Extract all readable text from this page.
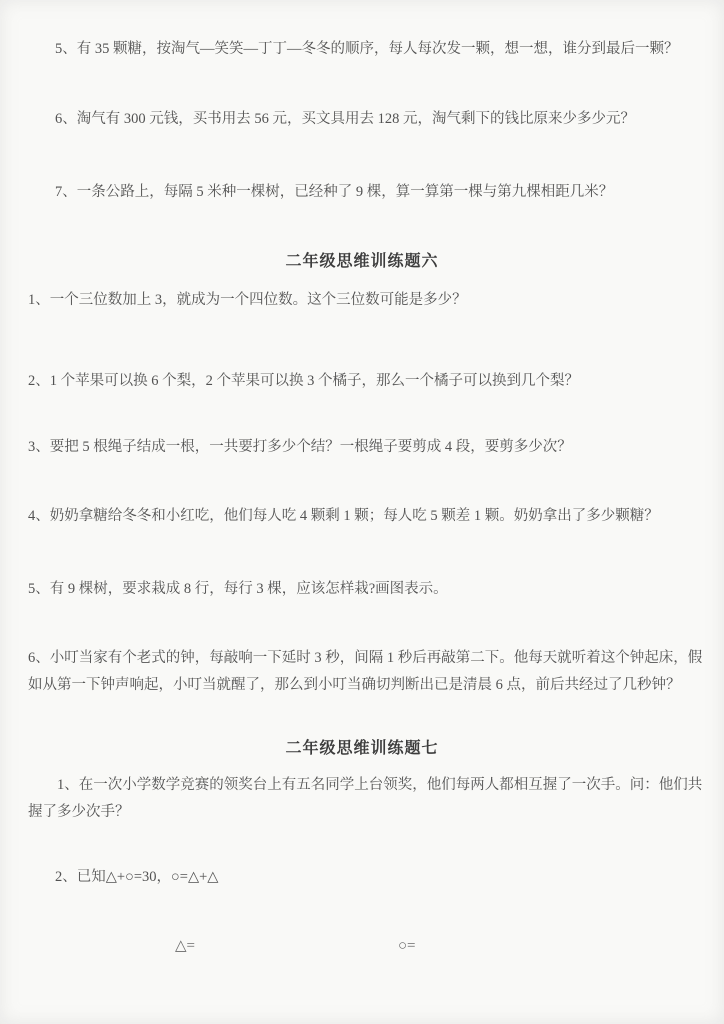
5、有 35 颗糖，按淘气—笑笑—丁丁—冬冬的顺序，每人每次发一颗，想一想，谁分到最后一颗？
6、淘气有 300 元钱，买书用去 56 元，买文具用去 128 元，淘气剩下的钱比原来少多少元？
7、一条公路上，每隔 5 米种一棵树，已经种了 9 棵，算一算第一棵与第九棵相距几米？
二年级思维训练题六
1、一个三位数加上 3，就成为一个四位数。这个三位数可能是多少？
2、1 个苹果可以换 6 个梨，2 个苹果可以换 3 个橘子，那么一个橘子可以换到几个梨？
3、要把 5 根绳子结成一根，一共要打多少个结？一根绳子要剪成 4 段，要剪多少次？
4、奶奶拿糖给冬冬和小红吃，他们每人吃 4 颗剩 1 颗；每人吃 5 颗差 1 颗。奶奶拿出了多少颗糖？
5、有 9 棵树，要求栽成 8 行，每行 3 棵，应该怎样栽?画图表示。
6、小叮当家有个老式的钟，每敲响一下延时 3 秒，间隔 1 秒后再敲第二下。他每天就听着这个钟起床，假如从第一下钟声响起，小叮当就醒了，那么到小叮当确切判断出已是清晨 6 点，前后共经过了几秒钟？
二年级思维训练题七
1、在一次小学数学竞赛的领奖台上有五名同学上台领奖，他们每两人都相互握了一次手。问：他们共握了多少次手？
2、已知△+○=30，○=△+△
△=	○=
